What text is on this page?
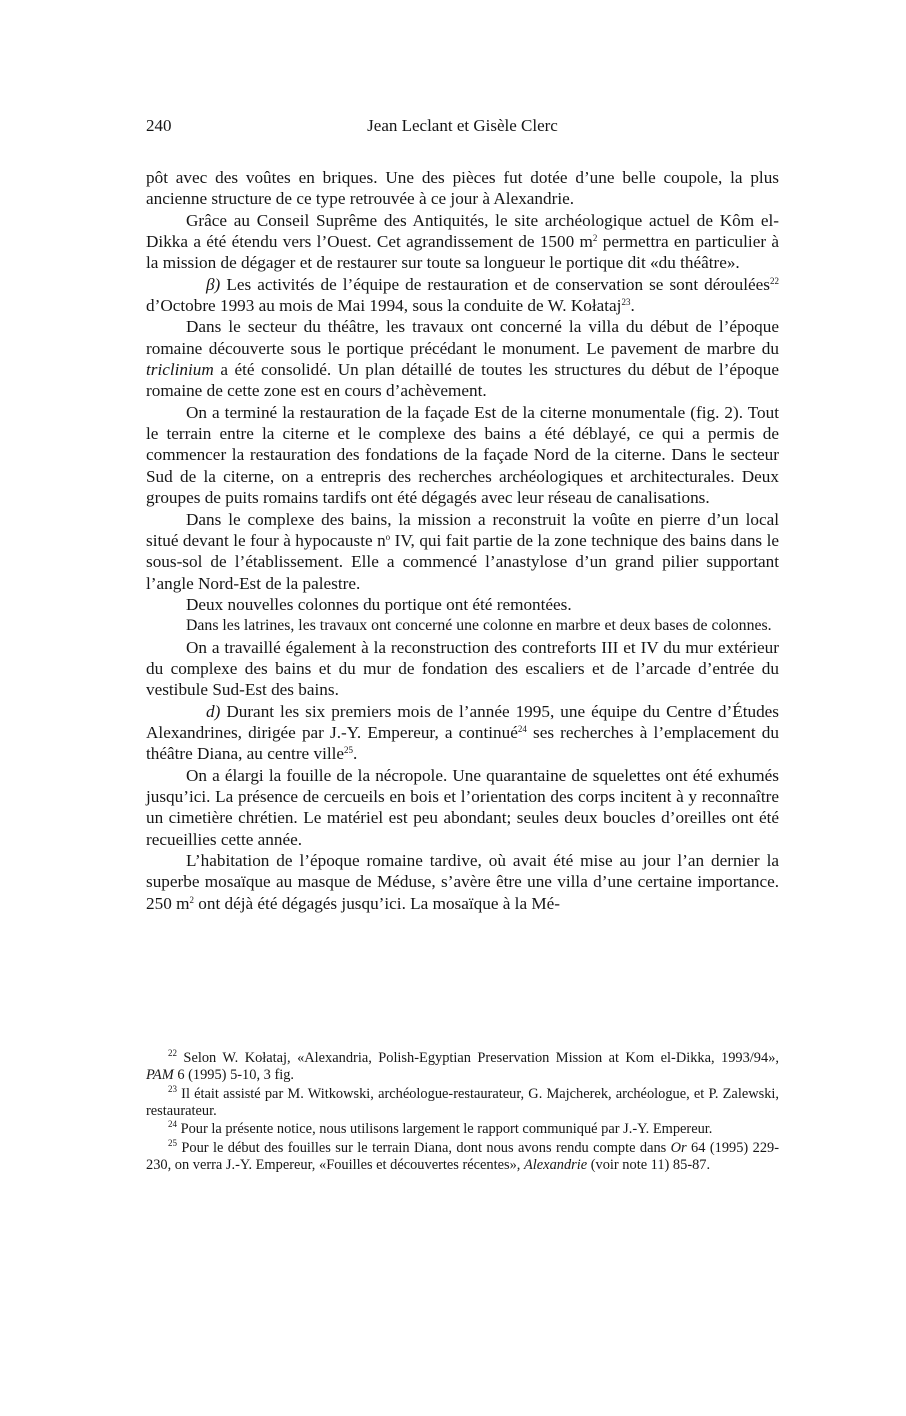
240	Jean Leclant et Gisèle Clerc

pôt avec des voûtes en briques. Une des pièces fut dotée d’une belle coupole, la plus ancienne structure de ce type retrouvée à ce jour à Alexandrie.

Grâce au Conseil Suprême des Antiquités, le site archéologique actuel de Kôm el-Dikka a été étendu vers l’Ouest. Cet agrandissement de 1500 $m^2$ permettra en particulier à la mission de dégager et de restaurer sur toute sa longueur le portique dit «du théâtre».

β) Les activités de l’équipe de restauration et de conservation se sont déroulées$^{22}$ d’Octobre 1993 au mois de Mai 1994, sous la conduite de W. Kołataj$^{23}$.

Dans le secteur du théâtre, les travaux ont concerné la villa du début de l’époque romaine découverte sous le portique précédant le monument. Le pavement de marbre du triclinium a été consolidé. Un plan détaillé de toutes les structures du début de l’époque romaine de cette zone est en cours d’achèvement.

On a terminé la restauration de la façade Est de la citerne monumentale (fig. 2). Tout le terrain entre la citerne et le complexe des bains a été déblayé, ce qui a permis de commencer la restauration des fondations de la façade Nord de la citerne. Dans le secteur Sud de la citerne, on a entrepris des recherches archéologiques et architecturales. Deux groupes de puits romains tardifs ont été dégagés avec leur réseau de canalisations.

Dans le complexe des bains, la mission a reconstruit la voûte en pierre d’un local situé devant le four à hypocauste $n^o$ IV, qui fait partie de la zone technique des bains dans le sous-sol de l’établissement. Elle a commencé l’anastylose d’un grand pilier supportant l’angle Nord-Est de la palestre.

Deux nouvelles colonnes du portique ont été remontées.

Dans les latrines, les travaux ont concerné une colonne en marbre et deux bases de colonnes.

On a travaillé également à la reconstruction des contreforts III et IV du mur extérieur du complexe des bains et du mur de fondation des escaliers et de l’arcade d’entrée du vestibule Sud-Est des bains.

d) Durant les six premiers mois de l’année 1995, une équipe du Centre d’Études Alexandrines, dirigée par J.-Y. Empereur, a continué$^{24}$ ses recherches à l’emplacement du théâtre Diana, au centre ville$^{25}$.

On a élargi la fouille de la nécropole. Une quarantaine de squelettes ont été exhumés jusqu’ici. La présence de cercueils en bois et l’orientation des corps incitent à y reconnaître un cimetière chrétien. Le matériel est peu abondant; seules deux boucles d’oreilles ont été recueillies cette année.

L’habitation de l’époque romaine tardive, où avait été mise au jour l’an dernier la superbe mosaïque au masque de Méduse, s’avère être une villa d’une certaine importance. 250 $m^2$ ont déjà été dégagés jusqu’ici. La mosaïque à la Mé-

$^{22}$ Selon W. Kołataj, «Alexandria, Polish-Egyptian Preservation Mission at Kom el-Dikka, 1993/94», PAM 6 (1995) 5-10, 3 fig.

$^{23}$ Il était assisté par M. Witkowski, archéologue-restaurateur, G. Majcherek, archéologue, et P. Zalewski, restaurateur.

$^{24}$ Pour la présente notice, nous utilisons largement le rapport communiqué par J.-Y. Empereur.

$^{25}$ Pour le début des fouilles sur le terrain Diana, dont nous avons rendu compte dans Or 64 (1995) 229-230, on verra J.-Y. Empereur, «Fouilles et découvertes récentes», Alexandrie (voir note 11) 85-87.
